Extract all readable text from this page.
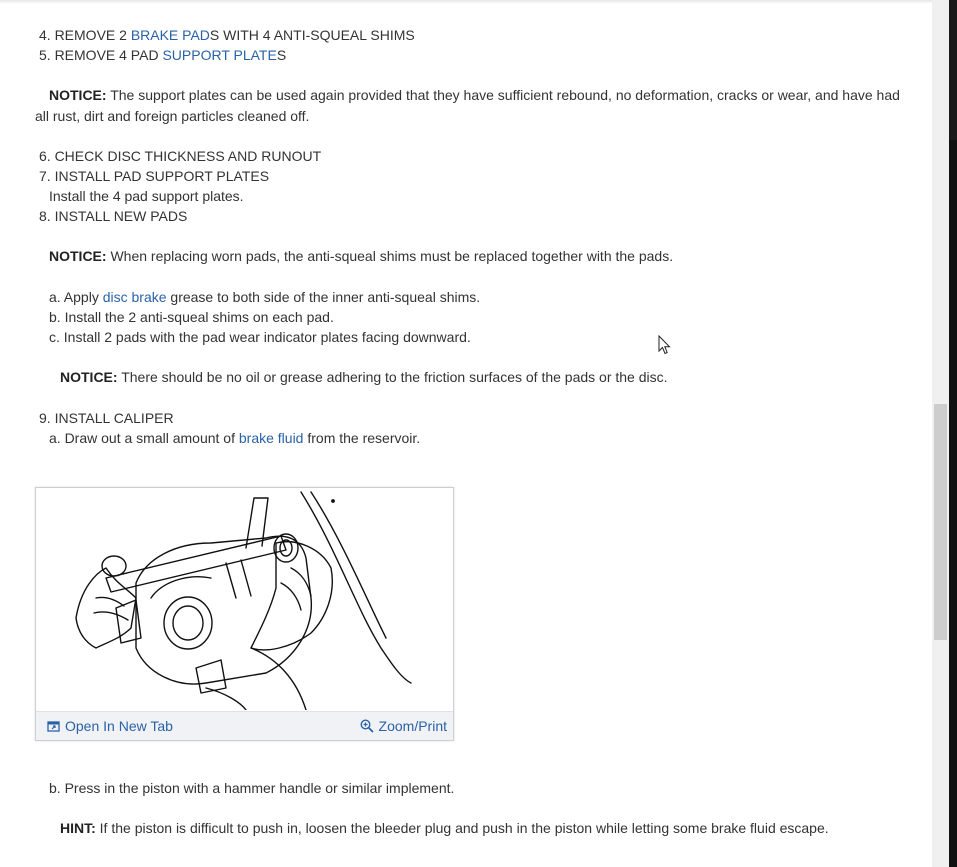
4. REMOVE 2 BRAKE PADS WITH 4 ANTI-SQUEAL SHIMS
5. REMOVE 4 PAD SUPPORT PLATES
NOTICE: The support plates can be used again provided that they have sufficient rebound, no deformation, cracks or wear, and have had
all rust, dirt and foreign particles cleaned off.
6. CHECK DISC THICKNESS AND RUNOUT
7. INSTALL PAD SUPPORT PLATES
Install the 4 pad support plates.
8. INSTALL NEW PADS
NOTICE: When replacing worn pads, the anti-squeal shims must be replaced together with the pads.
a. Apply disc brake grease to both side of the inner anti-squeal shims.
b. Install the 2 anti-squeal shims on each pad.
c. Install 2 pads with the pad wear indicator plates facing downward.
NOTICE: There should be no oil or grease adhering to the friction surfaces of the pads or the disc.
9. INSTALL CALIPER
a. Draw out a small amount of brake fluid from the reservoir.
Open In New Tab	Zoom/Print
b. Press in the piston with a hammer handle or similar implement.
HINT: If the piston is difficult to push in, loosen the bleeder plug and push in the piston while letting some brake fluid escape.
